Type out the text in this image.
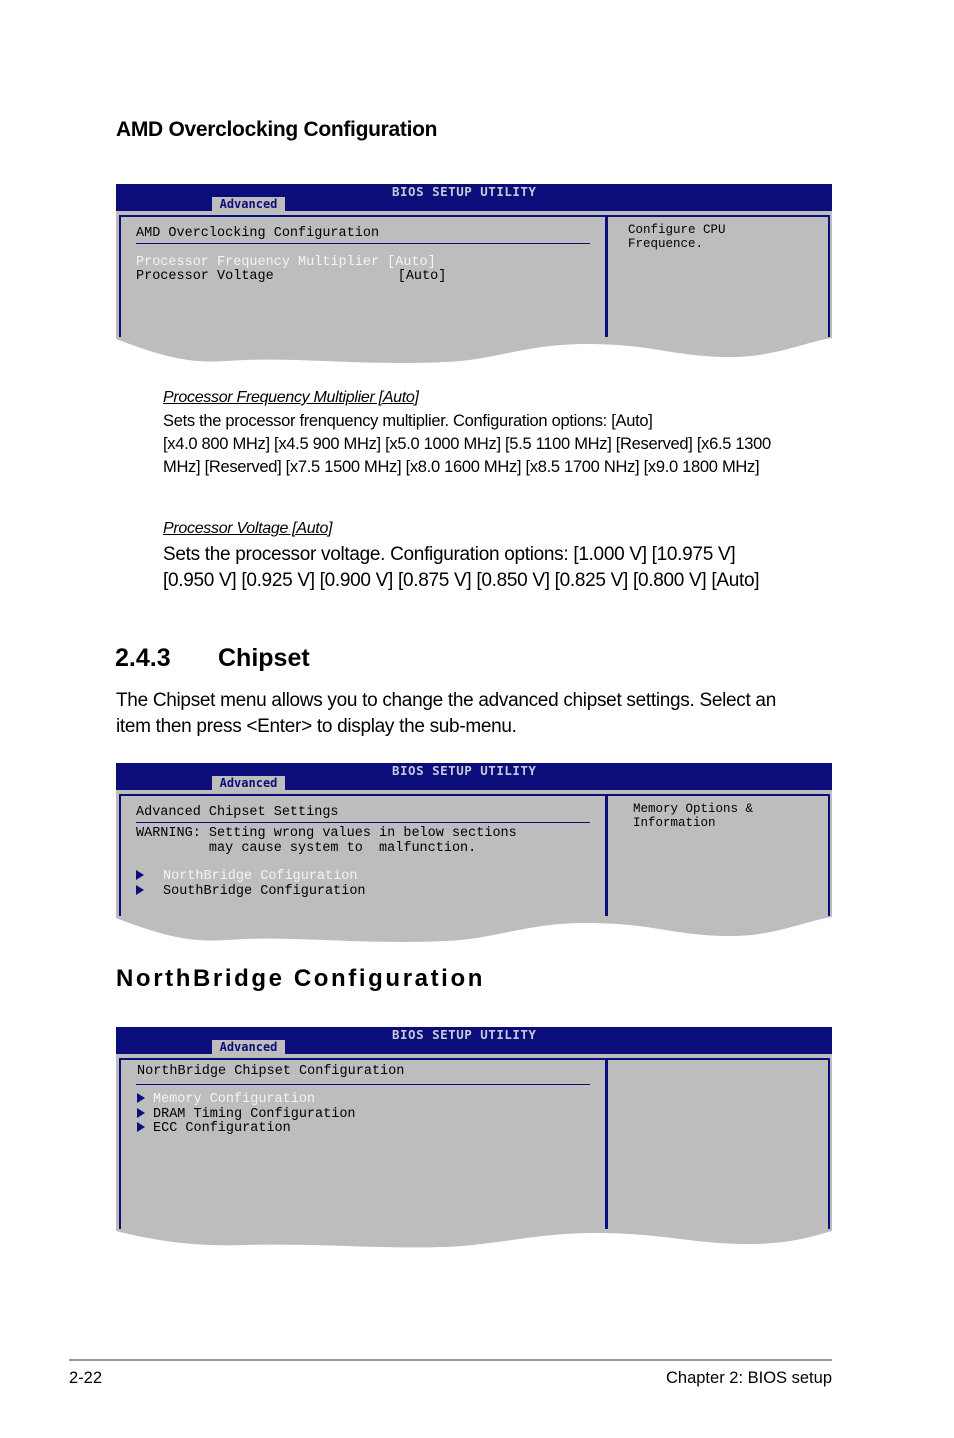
AMD Overclocking Configuration
BIOS SETUP UTILITY
Advanced
AMD Overclocking Configuration
Processor Frequency Multiplier [Auto]
Processor Voltage	[Auto]
Configure CPU
Frequence.
Processor Frequency Multiplier [Auto]
Sets the processor frenquency multiplier. Configuration options: [Auto]
[x4.0 800 MHz] [x4.5 900 MHz] [x5.0 1000 MHz] [5.5 1100 MHz] [Reserved] [x6.5 1300
MHz] [Reserved] [x7.5 1500 MHz] [x8.0 1600 MHz] [x8.5 1700 NHz] [x9.0 1800 MHz]
Processor Voltage [Auto]
Sets the processor voltage. Configuration options: [1.000 V] [10.975 V]
[0.950 V] [0.925 V] [0.900 V] [0.875 V] [0.850 V] [0.825 V] [0.800 V] [Auto]
2.4.3 Chipset
The Chipset menu allows you to change the advanced chipset settings. Select an
item then press <Enter> to display the sub-menu.
BIOS SETUP UTILITY
Advanced
Advanced Chipset Settings
WARNING: Setting wrong values in below sections
may cause system to  malfunction.
NorthBridge Cofiguration
SouthBridge Configuration
Memory Options &
Information
NorthBridge Configuration
BIOS SETUP UTILITY
Advanced
NorthBridge Chipset Configuration
Memory Configuration
DRAM Timing Configuration
ECC Configuration
2-22	Chapter 2: BIOS setup
